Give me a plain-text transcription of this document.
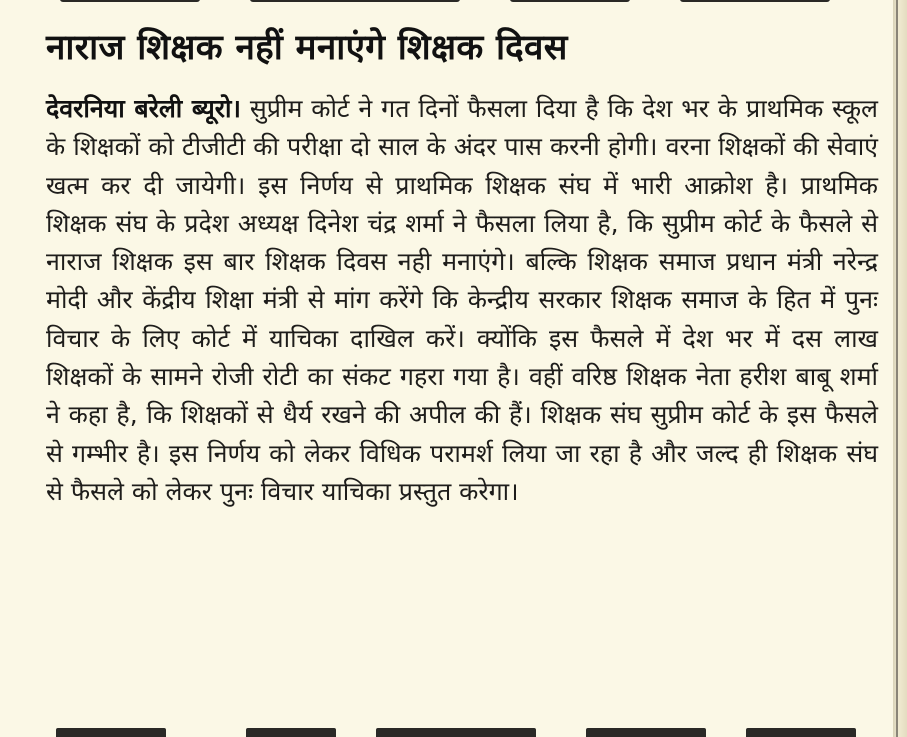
नाराज शिक्षक नहीं मनाएंगे शिक्षक दिवस

देवरनिया बरेली ब्यूरो। सुप्रीम कोर्ट ने गत दिनों फैसला दिया है कि देश भर के प्राथमिक स्कूल के शिक्षकों को टीजीटी की परीक्षा दो साल के अंदर पास करनी होगी। वरना शिक्षकों की सेवाएं खत्म कर दी जायेगी। इस निर्णय से प्राथमिक शिक्षक संघ में भारी आक्रोश है। प्राथमिक शिक्षक संघ के प्रदेश अध्यक्ष दिनेश चंद्र शर्मा ने फैसला लिया है, कि सुप्रीम कोर्ट के फैसले से नाराज शिक्षक इस बार शिक्षक दिवस नही मनाएंगे। बल्कि शिक्षक समाज प्रधान मंत्री नरेन्द्र मोदी और केंद्रीय शिक्षा मंत्री से मांग करेंगे कि केन्द्रीय सरकार शिक्षक समाज के हित में पुनः विचार के लिए कोर्ट में याचिका दाखिल करें। क्योंकि इस फैसले में देश भर में दस लाख शिक्षकों के सामने रोजी रोटी का संकट गहरा गया है। वहीं वरिष्ठ शिक्षक नेता हरीश बाबू शर्मा ने कहा है, कि शिक्षकों से धैर्य रखने की अपील की हैं। शिक्षक संघ सुप्रीम कोर्ट के इस फैसले से गम्भीर है। इस निर्णय को लेकर विधिक परामर्श लिया जा रहा है और जल्द ही शिक्षक संघ से फैसले को लेकर पुनः विचार याचिका प्रस्तुत करेगा।
